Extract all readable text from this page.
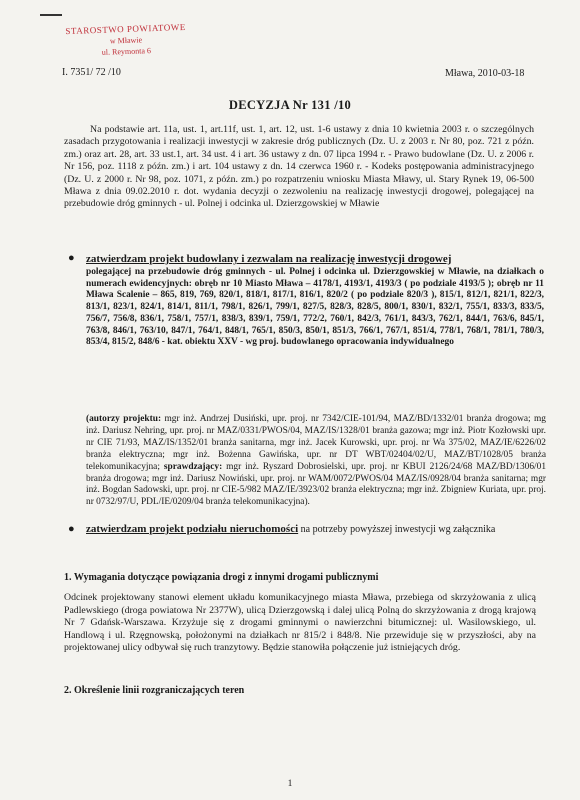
STAROSTWO POWIATOWE
w Mławie
ul. Reymonta 6
I. 7351/ 72 /10	Mława, 2010-03-18
DECYZJA Nr 131 /10
Na podstawie art. 11a, ust. 1, art.11f, ust. 1, art. 12, ust. 1-6 ustawy z dnia 10 kwietnia 2003 r. o szczególnych zasadach przygotowania i realizacji inwestycji w zakresie dróg publicznych (Dz. U. z 2003 r. Nr 80, poz. 721 z późn. zm.) oraz art. 28, art. 33 ust.1, art. 34 ust. 4 i art. 36 ustawy z dn. 07 lipca 1994 r. - Prawo budowlane (Dz. U. z 2006 r. Nr 156, poz. 1118 z późn. zm.) i art. 104 ustawy z dn. 14 czerwca 1960 r. - Kodeks postępowania administracyjnego (Dz. U. z 2000 r. Nr 98, poz. 1071, z późn. zm.) po rozpatrzeniu wniosku Miasta Mławy, ul. Stary Rynek 19, 06-500 Mława z dnia 09.02.2010 r. dot. wydania decyzji o zezwoleniu na realizację inwestycji drogowej, polegającej na przebudowie dróg gminnych - ul. Polnej i odcinka ul. Dzierzgowskiej w Mławie
● zatwierdzam projekt budowlany i zezwalam na realizację inwestycji drogowej
polegającej na przebudowie dróg gminnych - ul. Polnej i odcinka ul. Dzierzgowskiej w Mławie, na działkach o numerach ewidencyjnych: obręb nr 10 Miasto Mława – 4178/1, 4193/1, 4193/3 ( po podziale 4193/5 ); obręb nr 11 Mława Scalenie – 865, 819, 769, 820/1, 818/1, 817/1, 816/1, 820/2 ( po podziale 820/3 ), 815/1, 812/1, 821/1, 822/3, 813/1, 823/1, 824/1, 814/1, 811/1, 798/1, 826/1, 799/1, 827/5, 828/3, 828/5, 800/1, 830/1, 832/1, 755/1, 833/3, 833/5, 756/7, 756/8, 836/1, 758/1, 757/1, 838/3, 839/1, 759/1, 772/2, 760/1, 842/3, 761/1, 843/3, 762/1, 844/1, 763/6, 845/1, 763/8, 846/1, 763/10, 847/1, 764/1, 848/1, 765/1, 850/3, 850/1, 851/3, 766/1, 767/1, 851/4, 778/1, 768/1, 781/1, 780/3, 853/4, 815/2, 848/6 - kat. obiektu XXV - wg proj. budowlanego opracowania indywidualnego
(autorzy projektu: mgr inż. Andrzej Dusiński, upr. proj. nr 7342/CIE-101/94, MAZ/BD/1332/01 branża drogowa; mg inż. Dariusz Nehring, upr. proj. nr MAZ/0331/PWOS/04, MAZ/IS/1328/01 branża gazowa; mgr inż. Piotr Kozłowski upr. nr CIE 71/93, MAZ/IS/1352/01 branża sanitarna, mgr inż. Jacek Kurowski, upr. proj. nr Wa 375/02, MAZ/IE/6226/02 branża elektryczna; mgr inż. Bożenna Gawińska, upr. nr DT WBT/02404/02/U, MAZ/BT/1028/05 branża telekomunikacyjna; sprawdzający: mgr inż. Ryszard Dobrosielski, upr. proj. nr KBUI 2126/24/68 MAZ/BD/1306/01 branża drogowa; mgr inż. Dariusz Nowiński, upr. proj. nr WAM/0072/PWOS/04 MAZ/IS/0928/04 branża sanitarna; mgr inż. Bogdan Sadowski, upr. proj. nr CIE-5/982 MAZ/IE/3923/02 branża elektryczna; mgr inż. Zbigniew Kuriata, upr. proj. nr 0732/97/U, PDL/IE/0209/04 branża telekomunikacyjna).
● zatwierdzam projekt podziału nieruchomości na potrzeby powyższej inwestycji wg załącznika
1. Wymagania dotyczące powiązania drogi z innymi drogami publicznymi
Odcinek projektowany stanowi element układu komunikacyjnego miasta Mława, przebiega od skrzyżowania z ulicą Padlewskiego (droga powiatowa Nr 2377W), ulicą Dzierzgowską i dalej ulicą Polną do skrzyżowania z drogą krajową Nr 7 Gdańsk-Warszawa. Krzyżuje się z drogami gminnymi o nawierzchni bitumicznej: ul. Wasilowskiego, ul. Handlową i ul. Rzęgnowską, położonymi na działkach nr 815/2 i 848/8. Nie przewiduje się w przyszłości, aby na projektowanej ulicy odbywał się ruch tranzytowy. Będzie stanowiła połączenie już istniejących dróg.
2. Określenie linii rozgraniczających teren
1
